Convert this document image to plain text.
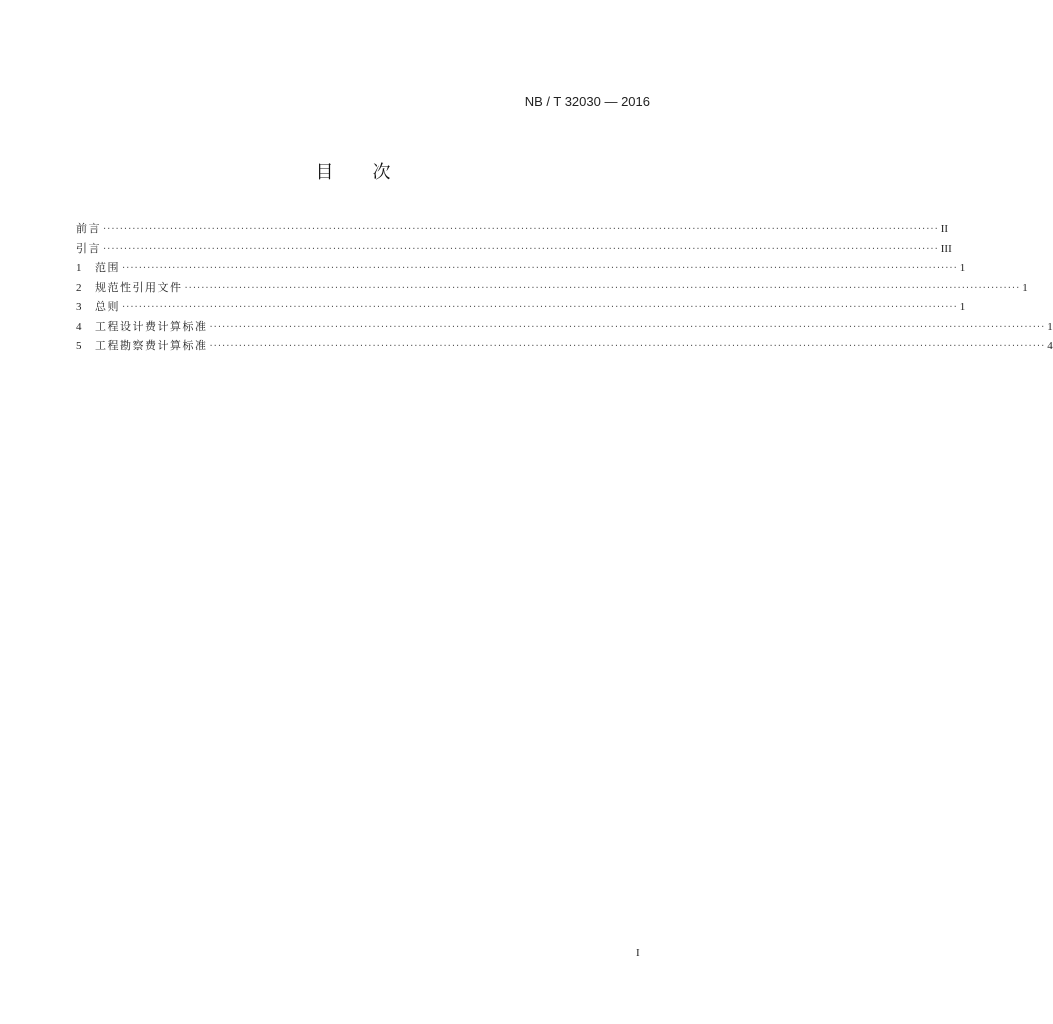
NB / T 32030 — 2016
目 次
前言 ········································································································································································································ II
引言 ········································································································································································································ III
1	范围 ········································································································································································································ 1
2	规范性引用文件 ········································································································································································································ 1
3	总则 ········································································································································································································ 1
4	工程设计费计算标准 ········································································································································································································ 1
5	工程勘察费计算标准 ········································································································································································································ 4
I
